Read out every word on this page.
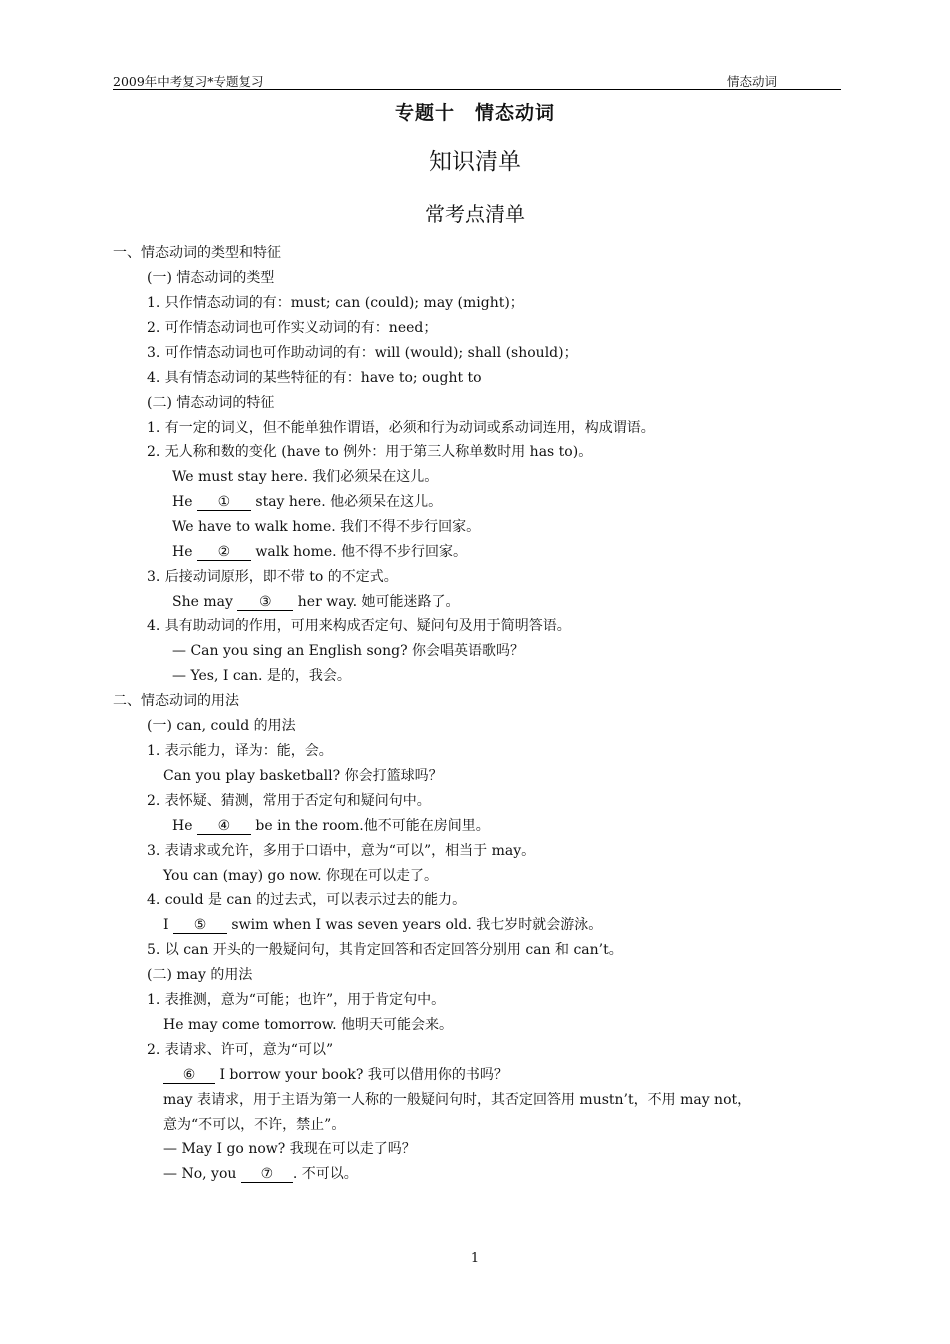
2009年中考复习*专题复习	情态动词
专题十　情态动词
知识清单
常考点清单
一、情态动词的类型和特征
(一) 情态动词的类型
1. 只作情态动词的有：must; can (could); may (might)；
2. 可作情态动词也可作实义动词的有：need；
3. 可作情态动词也可作助动词的有：will (would); shall (should)；
4. 具有情态动词的某些特征的有：have to; ought to
(二) 情态动词的特征
1. 有一定的词义，但不能单独作谓语，必须和行为动词或系动词连用，构成谓语。
2. 无人称和数的变化 (have to 例外：用于第三人称单数时用 has to)。
We must stay here. 我们必须呆在这儿。
He ① stay here. 他必须呆在这儿。
We have to walk home. 我们不得不步行回家。
He ② walk home. 他不得不步行回家。
3. 后接动词原形，即不带 to 的不定式。
She may ③ her way. 她可能迷路了。
4. 具有助动词的作用，可用来构成否定句、疑问句及用于简明答语。
— Can you sing an English song? 你会唱英语歌吗？
— Yes, I can. 是的，我会。
二、情态动词的用法
(一) can, could 的用法
1. 表示能力，译为：能，会。
Can you play basketball? 你会打篮球吗？
2. 表怀疑、猜测，常用于否定句和疑问句中。
He ④ be in the room.他不可能在房间里。
3. 表请求或允许，多用于口语中，意为“可以”，相当于 may。
You can (may) go now. 你现在可以走了。
4. could 是 can 的过去式，可以表示过去的能力。
I ⑤ swim when I was seven years old. 我七岁时就会游泳。
5. 以 can 开头的一般疑问句，其肯定回答和否定回答分别用 can 和 can’t。
(二) may 的用法
1. 表推测，意为“可能；也许”，用于肯定句中。
He may come tomorrow. 他明天可能会来。
2. 表请求、许可，意为“可以”
⑥ I borrow your book? 我可以借用你的书吗？
may 表请求，用于主语为第一人称的一般疑问句时，其否定回答用 mustn’t，不用 may not，
意为“不可以，不许，禁止”。
— May I go now? 我现在可以走了吗？
— No, you ⑦ . 不可以。
1
